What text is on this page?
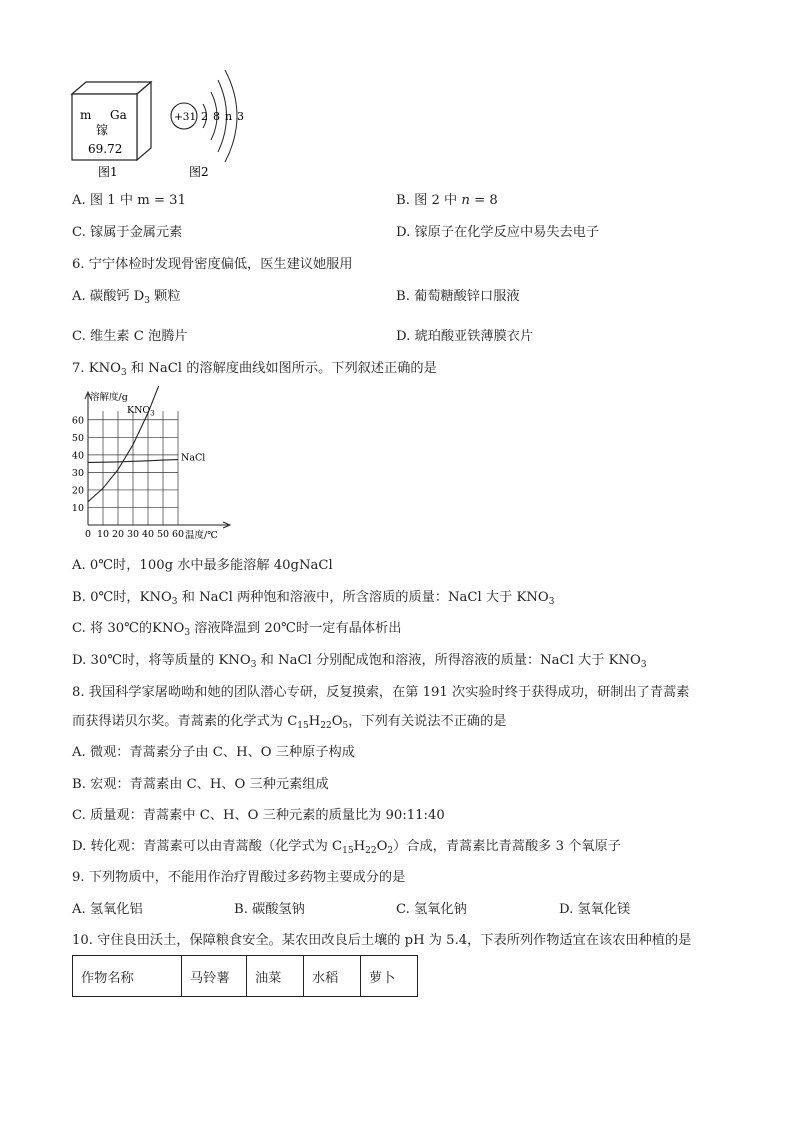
m Ga
镓
69.72
图1
+31 2 8 n 3
图2
A. 图 1 中 m = 31	B. 图 2 中 n = 8
C. 镓属于金属元素	D. 镓原子在化学反应中易失去电子
6. 宁宁体检时发现骨密度偏低，医生建议她服用
A. 碳酸钙 $D_3$ 颗粒	B. 葡萄糖酸锌口服液
C. 维生素 C 泡腾片	D. 琥珀酸亚铁薄膜衣片
7. $KNO_3$ 和 NaCl 的溶解度曲线如图所示。下列叙述正确的是
溶解度/g
温度/℃
0 10 20 30 40 50 60
10
20
30
40
50
60
$KNO_3$
NaCl
A. 0℃时，100g 水中最多能溶解 40gNaCl
B. 0℃时，$KNO_3$ 和 NaCl 两种饱和溶液中，所含溶质的质量：NaCl 大于 $KNO_3$
C. 将 30℃的$KNO_3$ 溶液降温到 20℃时一定有晶体析出
D. 30℃时，将等质量的 $KNO_3$ 和 NaCl 分别配成饱和溶液，所得溶液的质量：NaCl 大于 $KNO_3$
8. 我国科学家屠呦呦和她的团队潜心专研，反复摸索，在第 191 次实验时终于获得成功，研制出了青蒿素
而获得诺贝尔奖。青蒿素的化学式为 $C_{15}H_{22}O_5$，下列有关说法不正确的是
A. 微观：青蒿素分子由 C、H、O 三种原子构成
B. 宏观：青蒿素由 C、H、O 三种元素组成
C. 质量观：青蒿素中 C、H、O 三种元素的质量比为 90:11:40
D. 转化观：青蒿素可以由青蒿酸（化学式为 $C_{15}H_{22}O_2$）合成，青蒿素比青蒿酸多 3 个氧原子
9. 下列物质中，不能用作治疗胃酸过多药物主要成分的是
A. 氢氧化铝	B. 碳酸氢钠	C. 氢氧化钠	D. 氢氧化镁
10. 守住良田沃土，保障粮食安全。某农田改良后土壤的 pH 为 5.4，下表所列作物适宜在该农田种植的是
作物名称	马铃薯	油菜	水稻	萝卜
